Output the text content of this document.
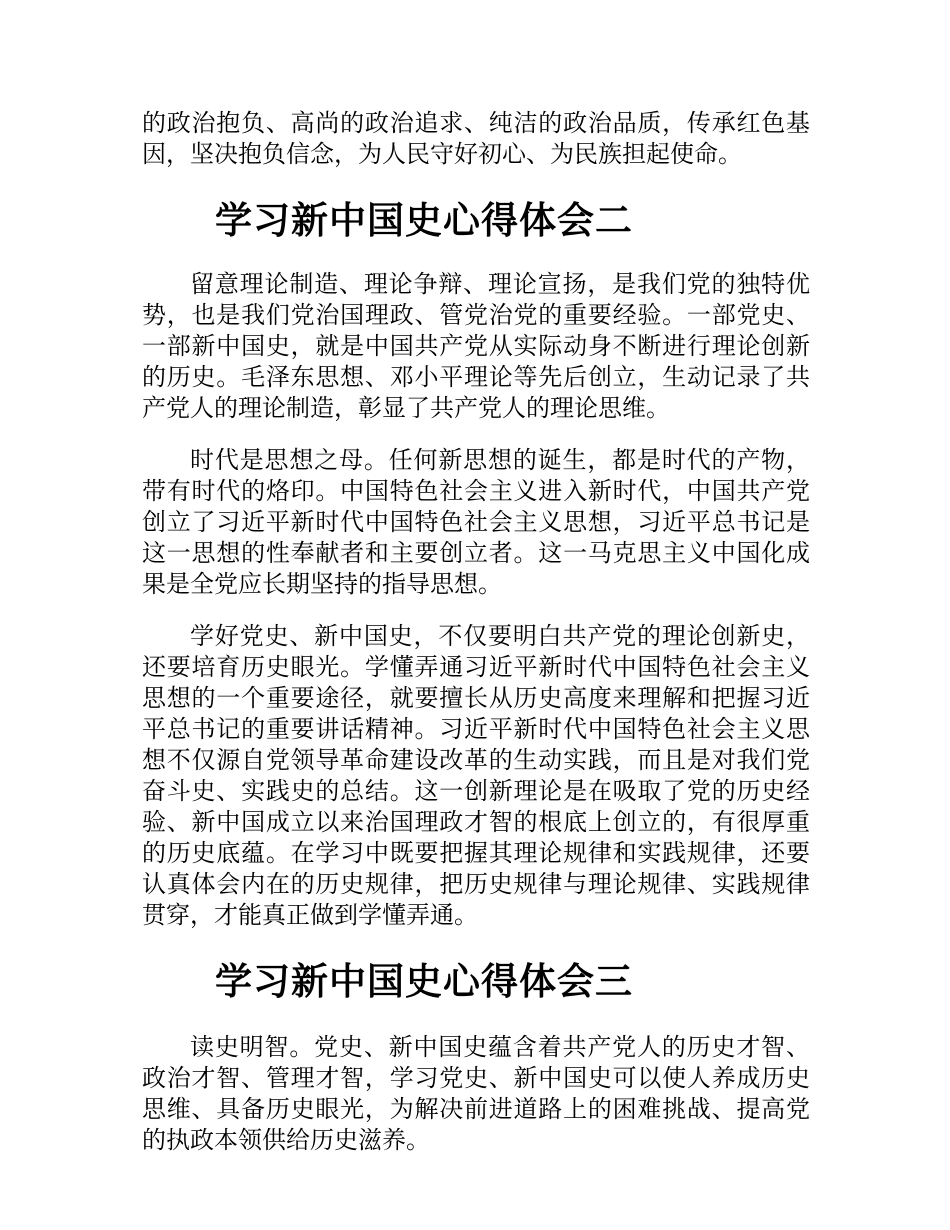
的政治抱负、高尚的政治追求、纯洁的政治品质，传承红色基因，坚决抱负信念，为人民守好初心、为民族担起使命。

学习新中国史心得体会二

留意理论制造、理论争辩、理论宣扬，是我们党的独特优势，也是我们党治国理政、管党治党的重要经验。一部党史、一部新中国史，就是中国共产党从实际动身不断进行理论创新的历史。毛泽东思想、邓小平理论等先后创立，生动记录了共产党人的理论制造，彰显了共产党人的理论思维。

时代是思想之母。任何新思想的诞生，都是时代的产物，带有时代的烙印。中国特色社会主义进入新时代，中国共产党创立了习近平新时代中国特色社会主义思想，习近平总书记是这一思想的性奉献者和主要创立者。这一马克思主义中国化成果是全党应长期坚持的指导思想。

学好党史、新中国史，不仅要明白共产党的理论创新史，还要培育历史眼光。学懂弄通习近平新时代中国特色社会主义思想的一个重要途径，就要擅长从历史高度来理解和把握习近平总书记的重要讲话精神。习近平新时代中国特色社会主义思想不仅源自党领导革命建设改革的生动实践，而且是对我们党奋斗史、实践史的总结。这一创新理论是在吸取了党的历史经验、新中国成立以来治国理政才智的根底上创立的，有很厚重的历史底蕴。在学习中既要把握其理论规律和实践规律，还要认真体会内在的历史规律，把历史规律与理论规律、实践规律贯穿，才能真正做到学懂弄通。

学习新中国史心得体会三

读史明智。党史、新中国史蕴含着共产党人的历史才智、政治才智、管理才智，学习党史、新中国史可以使人养成历史思维、具备历史眼光，为解决前进道路上的困难挑战、提高党的执政本领供给历史滋养。
